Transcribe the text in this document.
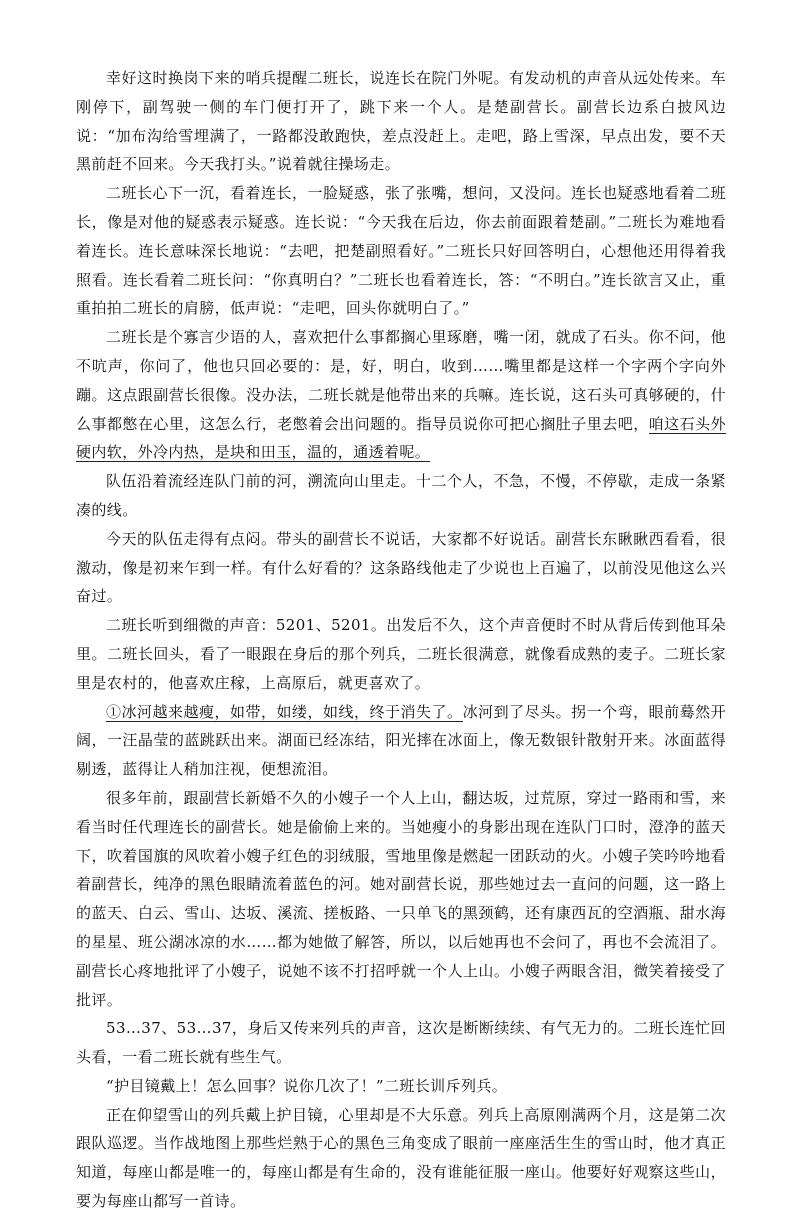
幸好这时换岗下来的哨兵提醒二班长，说连长在院门外呢。有发动机的声音从远处传来。车刚停下，副驾驶一侧的车门便打开了，跳下来一个人。是楚副营长。副营长边系白披风边说：“加布沟给雪埋满了，一路都没敢跑快，差点没赶上。走吧，路上雪深，早点出发，要不天黑前赶不回来。今天我打头。”说着就往操场走。

二班长心下一沉，看着连长，一脸疑惑，张了张嘴，想问，又没问。连长也疑惑地看着二班长，像是对他的疑惑表示疑惑。连长说：“今天我在后边，你去前面跟着楚副。”二班长为难地看着连长。连长意味深长地说：“去吧，把楚副照看好。”二班长只好回答明白，心想他还用得着我照看。连长看着二班长问：“你真明白？”二班长也看着连长，答：“不明白。”连长欲言又止，重重拍拍二班长的肩膀，低声说：“走吧，回头你就明白了。”

二班长是个寡言少语的人，喜欢把什么事都搁心里琢磨，嘴一闭，就成了石头。你不问，他不吭声，你问了，他也只回必要的：是，好，明白，收到……嘴里都是这样一个字两个字向外蹦。这点跟副营长很像。没办法，二班长就是他带出来的兵嘛。连长说，这石头可真够硬的，什么事都憋在心里，这怎么行，老憋着会出问题的。指导员说你可把心搁肚子里去吧，咱这石头外硬内软，外冷内热，是块和田玉，温的，通透着呢。

队伍沿着流经连队门前的河，溯流向山里走。十二个人，不急，不慢，不停歇，走成一条紧凑的线。

今天的队伍走得有点闷。带头的副营长不说话，大家都不好说话。副营长东瞅瞅西看看，很激动，像是初来乍到一样。有什么好看的？这条路线他走了少说也上百遍了，以前没见他这么兴奋过。

二班长听到细微的声音：5201、5201。出发后不久，这个声音便时不时从背后传到他耳朵里。二班长回头，看了一眼跟在身后的那个列兵，二班长很满意，就像看成熟的麦子。二班长家里是农村的，他喜欢庄稼，上高原后，就更喜欢了。

①冰河越来越瘦，如带，如缕，如线，终于消失了。冰河到了尽头。拐一个弯，眼前蓦然开阔，一汪晶莹的蓝跳跃出来。湖面已经冻结，阳光摔在冰面上，像无数银针散射开来。冰面蓝得剔透，蓝得让人稍加注视，便想流泪。

很多年前，跟副营长新婚不久的小嫂子一个人上山，翻达坂，过荒原，穿过一路雨和雪，来看当时任代理连长的副营长。她是偷偷上来的。当她瘦小的身影出现在连队门口时，澄净的蓝天下，吹着国旗的风吹着小嫂子红色的羽绒服，雪地里像是燃起一团跃动的火。小嫂子笑吟吟地看着副营长，纯净的黑色眼睛流着蓝色的河。她对副营长说，那些她过去一直问的问题，这一路上的蓝天、白云、雪山、达坂、溪流、搓板路、一只单飞的黑颈鹤，还有康西瓦的空酒瓶、甜水海的星星、班公湖冰凉的水……都为她做了解答，所以，以后她再也不会问了，再也不会流泪了。副营长心疼地批评了小嫂子，说她不该不打招呼就一个人上山。小嫂子两眼含泪，微笑着接受了批评。

53…37、53…37，身后又传来列兵的声音，这次是断断续续、有气无力的。二班长连忙回头看，一看二班长就有些生气。

“护目镜戴上！怎么回事？说你几次了！”二班长训斥列兵。

正在仰望雪山的列兵戴上护目镜，心里却是不大乐意。列兵上高原刚满两个月，这是第二次跟队巡逻。当作战地图上那些烂熟于心的黑色三角变成了眼前一座座活生生的雪山时，他才真正知道，每座山都是唯一的，每座山都是有生命的，没有谁能征服一座山。他要好好观察这些山，要为每座山都写一首诗。
